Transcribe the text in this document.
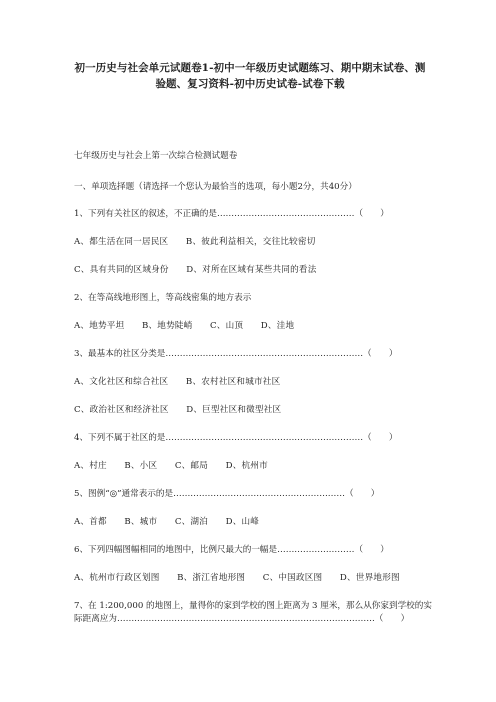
初一历史与社会单元试题卷1-初中一年级历史试题练习、期中期末试卷、测验题、复习资料-初中历史试卷-试卷下载
七年级历史与社会上第一次综合检测试题卷
一、单项选择题（请选择一个您认为最恰当的选项，每小题2分，共40分）
1、下列有关社区的叙述，不正确的是…………………………………………（　　）
A、都生活在同一居民区　　B、彼此利益相关，交往比较密切
C、具有共同的区域身份　　D、对所在区域有某些共同的看法
2、在等高线地形图上，等高线密集的地方表示
A、地势平坦　　B、地势陡峭　　C、山顶　　D、洼地
3、最基本的社区分类是……………………………………………………………（　　）
A、文化社区和综合社区　　B、农村社区和城市社区
C、政治社区和经济社区　　D、巨型社区和微型社区
4、下列不属于社区的是……………………………………………………………（　　）
A、村庄　　B、小区　　C、邮局　　D、杭州市
5、图例“◎”通常表示的是……………………………………………………（　　）
A、首都　　B、城市　　C、湖泊　　D、山峰
6、下列四幅图幅相同的地图中，比例尺最大的一幅是………………………（　　）
A、杭州市行政区划图　　B、浙江省地形图　　C、中国政区图　　D、世界地形图
7、在 1:200,000 的地图上，量得你的家到学校的图上距离为 3 厘米，那么从你家到学校的实际距离应为………………………………………………………………………………（　　）
